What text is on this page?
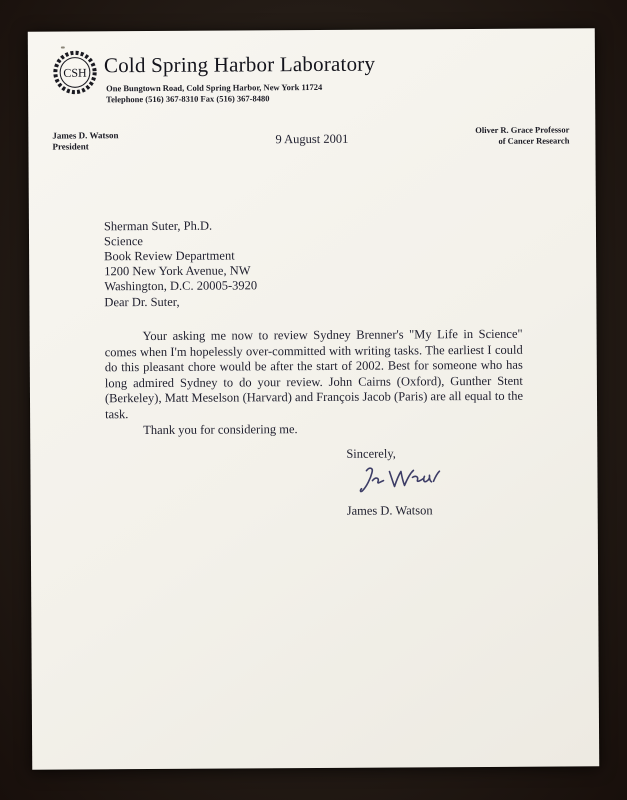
CSH Cold Spring Harbor Laboratory
One Bungtown Road, Cold Spring Harbor, New York 11724
Telephone (516) 367-8310 Fax (516) 367-8480
James D. Watson
President
9 August 2001
Oliver R. Grace Professor
of Cancer Research
Sherman Suter, Ph.D.
Science
Book Review Department
1200 New York Avenue, NW
Washington, D.C. 20005-3920
Dear Dr. Suter,
Your asking me now to review Sydney Brenner's "My Life in Science" comes when I'm hopelessly over-committed with writing tasks. The earliest I could do this pleasant chore would be after the start of 2002. Best for someone who has long admired Sydney to do your review. John Cairns (Oxford), Gunther Stent (Berkeley), Matt Meselson (Harvard) and François Jacob (Paris) are all equal to the task.
Thank you for considering me.
Sincerely,
James D. Watson
